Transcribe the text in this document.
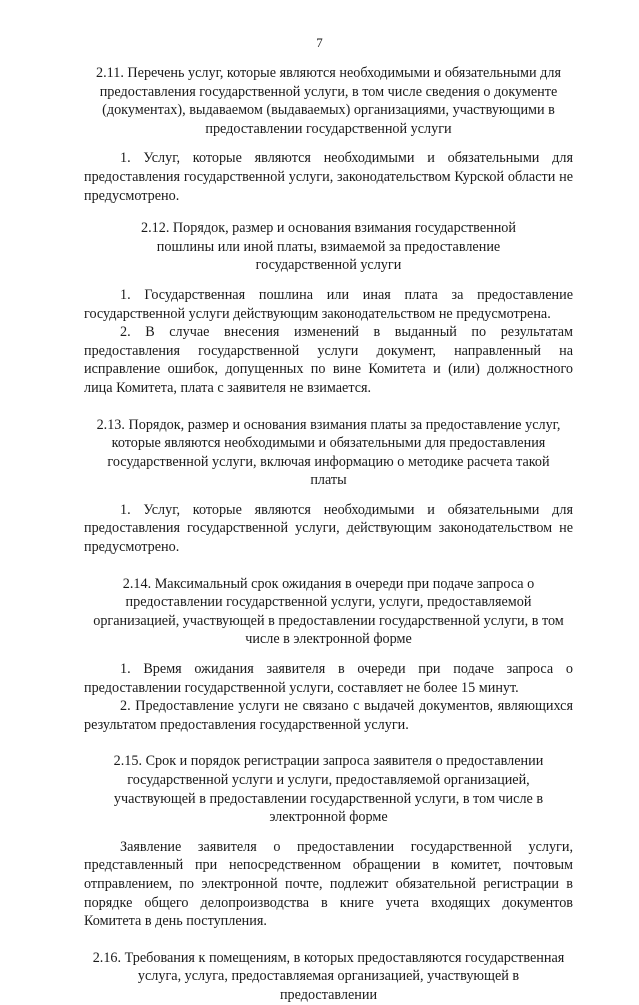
7

2.11. Перечень услуг, которые являются необходимыми и обязательными для предоставления государственной услуги, в том числе сведения о документе (документах), выдаваемом (выдаваемых) организациями, участвующими в предоставлении государственной услуги

1. Услуг, которые являются необходимыми и обязательными для предоставления государственной услуги, законодательством Курской области не предусмотрено.

2.12. Порядок, размер и основания взимания государственной пошлины или иной платы, взимаемой за предоставление государственной услуги

1. Государственная пошлина или иная плата за предоставление государственной услуги действующим законодательством не предусмотрена.

2. В случае внесения изменений в выданный по результатам предоставления государственной услуги документ, направленный на исправление ошибок, допущенных по вине Комитета и (или) должностного лица Комитета, плата с заявителя не взимается.

2.13. Порядок, размер и основания взимания платы за предоставление услуг, которые являются необходимыми и обязательными для предоставления государственной услуги, включая информацию о методике расчета такой платы

1. Услуг, которые являются необходимыми и обязательными для предоставления государственной услуги, действующим законодательством не предусмотрено.

2.14. Максимальный срок ожидания в очереди при подаче запроса о предоставлении государственной услуги, услуги, предоставляемой организацией, участвующей в предоставлении государственной услуги, в том числе в электронной форме

1. Время ожидания заявителя в очереди при подаче запроса о предоставлении государственной услуги, составляет не более 15 минут.

2. Предоставление услуги не связано с выдачей документов, являющихся результатом предоставления государственной услуги.

2.15. Срок и порядок регистрации запроса заявителя о предоставлении государственной услуги и услуги, предоставляемой организацией, участвующей в предоставлении государственной услуги, в том числе в электронной форме

Заявление заявителя о предоставлении государственной услуги, представленный при непосредственном обращении в комитет, почтовым отправлением, по электронной почте, подлежит обязательной регистрации в порядке общего делопроизводства в книге учета входящих документов Комитета в день поступления.

2.16. Требования к помещениям, в которых предоставляются государственная услуга, услуга, предоставляемая организацией, участвующей в предоставлении
